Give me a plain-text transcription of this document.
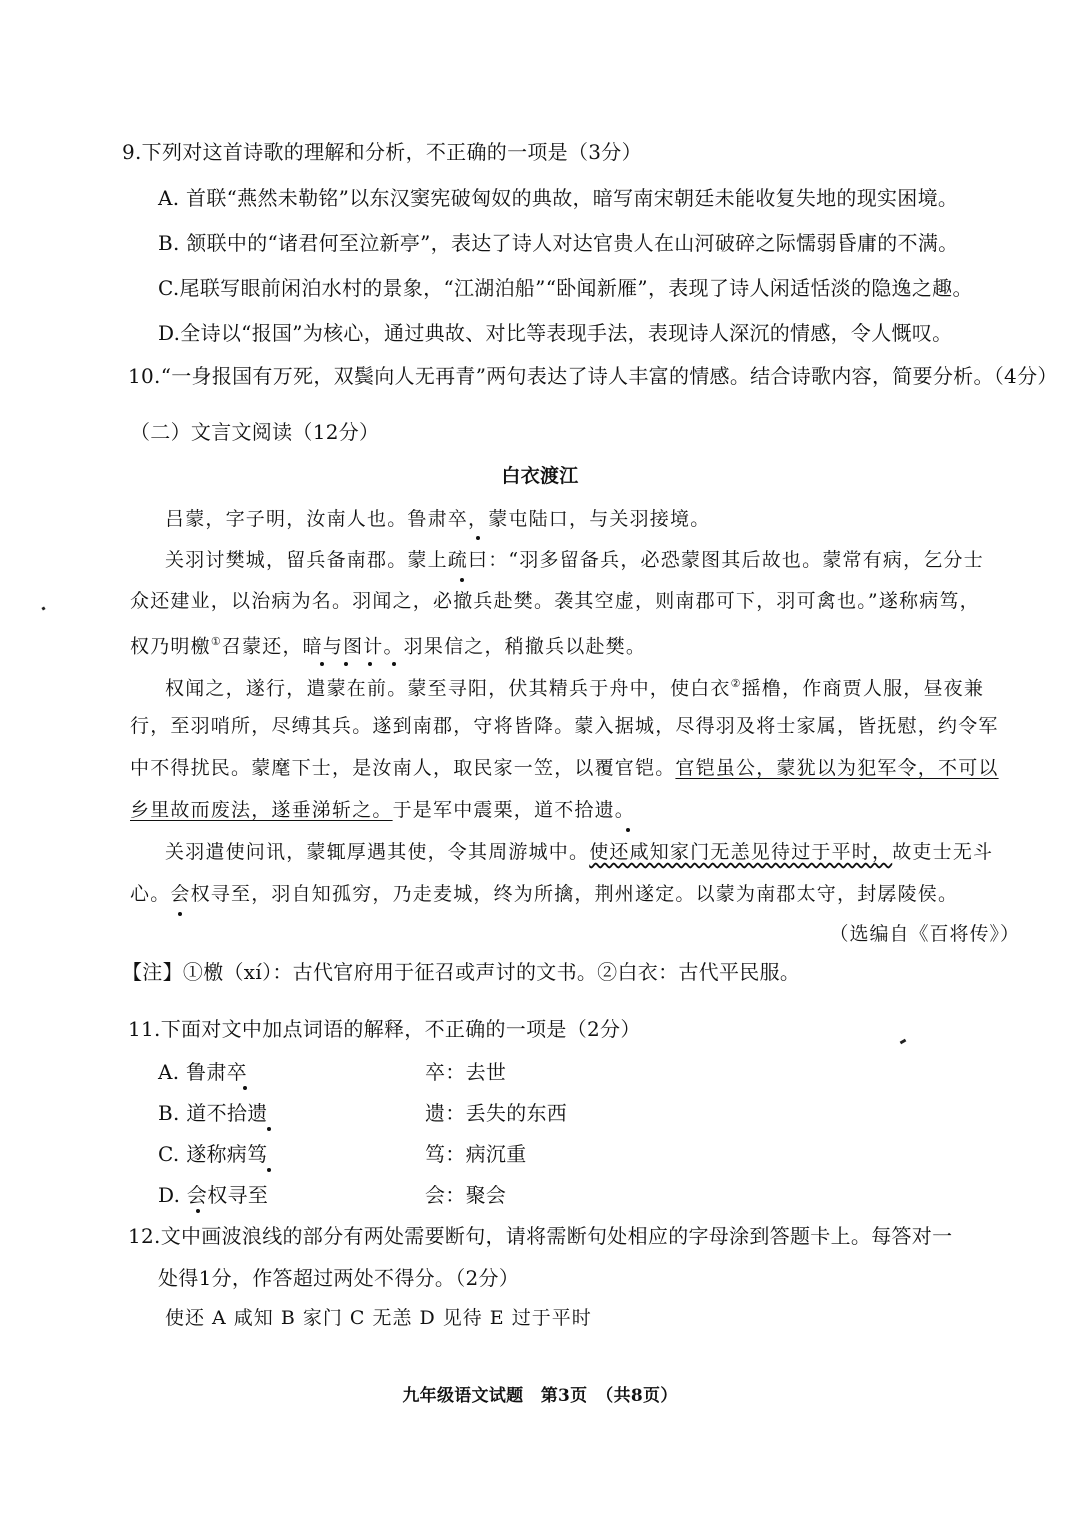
9.下列对这首诗歌的理解和分析，不正确的一项是（3分）
A. 首联“燕然未勒铭”以东汉窦宪破匈奴的典故，暗写南宋朝廷未能收复失地的现实困境。
B. 颔联中的“诸君何至泣新亭”，表达了诗人对达官贵人在山河破碎之际懦弱昏庸的不满。
C.尾联写眼前闲泊水村的景象，“江湖泊船”“卧闻新雁”，表现了诗人闲适恬淡的隐逸之趣。
D.全诗以“报国”为核心，通过典故、对比等表现手法，表现诗人深沉的情感，令人慨叹。
10.“一身报国有万死，双鬓向人无再青”两句表达了诗人丰富的情感。结合诗歌内容，简要分析。（4分）
（二）文言文阅读（12分）
白衣渡江
吕蒙，字子明，汝南人也。鲁肃卒，蒙屯陆口，与关羽接境。
关羽讨樊城，留兵备南郡。蒙上疏曰：“羽多留备兵，必恐蒙图其后故也。蒙常有病，乞分士
众还建业，以治病为名。羽闻之，必撤兵赴樊。袭其空虚，则南郡可下，羽可禽也。”遂称病笃，
权乃明檄①召蒙还，暗与图计。羽果信之，稍撤兵以赴樊。
权闻之，遂行，遣蒙在前。蒙至寻阳，伏其精兵于舟中，使白衣②摇橹，作商贾人服，昼夜兼
行，至羽哨所，尽缚其兵。遂到南郡，守将皆降。蒙入据城，尽得羽及将士家属，皆抚慰，约令军
中不得扰民。蒙麾下士，是汝南人，取民家一笠，以覆官铠。官铠虽公，蒙犹以为犯军令，不可以
乡里故而废法，遂垂涕斩之。于是军中震栗，道不拾遗。
关羽遣使问讯，蒙辄厚遇其使，令其周游城中。使还咸知家门无恙见待过于平时，故吏士无斗
心。会权寻至，羽自知孤穷，乃走麦城，终为所擒，荆州遂定。以蒙为南郡太守，封孱陵侯。
（选编自《百将传》）
【注】①檄（xí）：古代官府用于征召或声讨的文书。②白衣：古代平民服。
11.下面对文中加点词语的解释，不正确的一项是（2分）
A. 鲁肃卒	卒：去世
B. 道不拾遗	遗：丢失的东西
C. 遂称病笃	笃：病沉重
D. 会权寻至	会：聚会
12.文中画波浪线的部分有两处需要断句，请将需断句处相应的字母涂到答题卡上。每答对一
处得1分，作答超过两处不得分。（2分）
使还 A 咸知 B 家门 C 无恙 D 见待 E 过于平时
九年级语文试题　第3页　（共8页）
